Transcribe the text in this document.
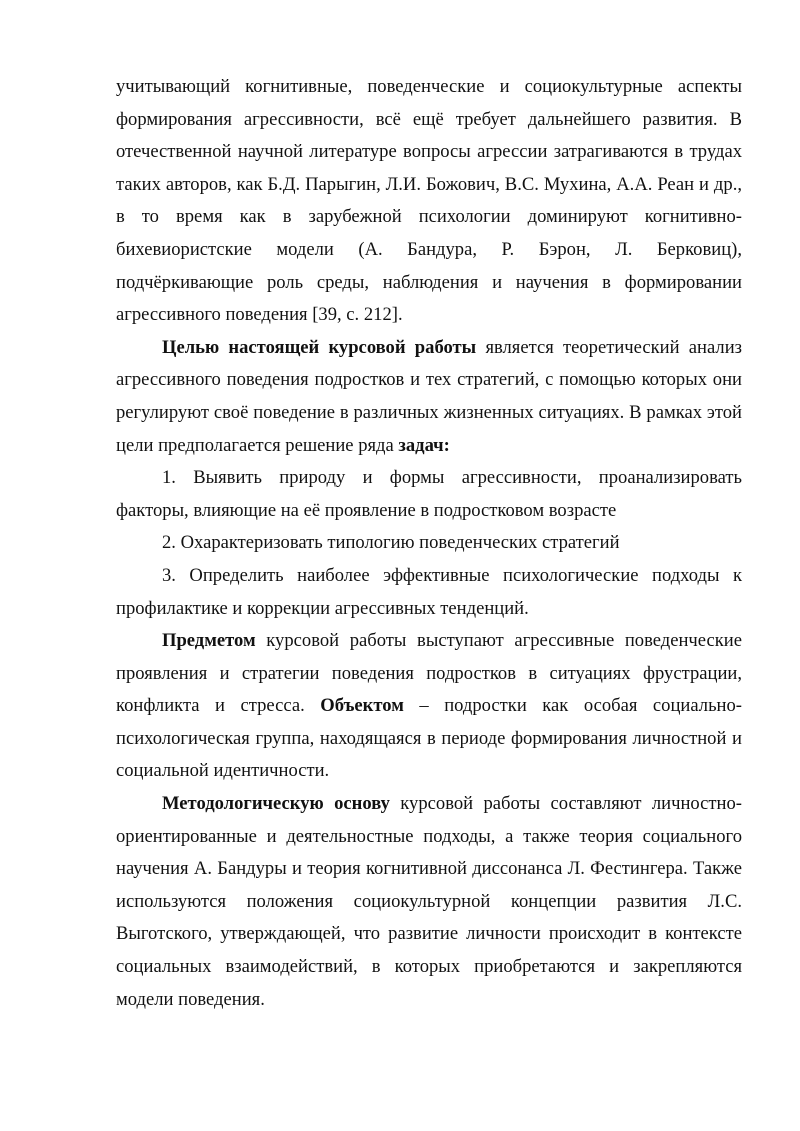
учитывающий когнитивные, поведенческие и социокультурные аспекты формирования агрессивности, всё ещё требует дальнейшего развития. В отечественной научной литературе вопросы агрессии затрагиваются в трудах таких авторов, как Б.Д. Парыгин, Л.И. Божович, В.С. Мухина, А.А. Реан и др., в то время как в зарубежной психологии доминируют когнитивно-бихевиористские модели (А. Бандура, Р. Бэрон, Л. Берковиц), подчёркивающие роль среды, наблюдения и научения в формировании агрессивного поведения [39, с. 212].

Целью настоящей курсовой работы является теоретический анализ агрессивного поведения подростков и тех стратегий, с помощью которых они регулируют своё поведение в различных жизненных ситуациях. В рамках этой цели предполагается решение ряда задач:

1. Выявить природу и формы агрессивности, проанализировать факторы, влияющие на её проявление в подростковом возрасте

2. Охарактеризовать типологию поведенческих стратегий

3. Определить наиболее эффективные психологические подходы к профилактике и коррекции агрессивных тенденций.

Предметом курсовой работы выступают агрессивные поведенческие проявления и стратегии поведения подростков в ситуациях фрустрации, конфликта и стресса. Объектом – подростки как особая социально-психологическая группа, находящаяся в периоде формирования личностной и социальной идентичности.

Методологическую основу курсовой работы составляют личностно-ориентированные и деятельностные подходы, а также теория социального научения А. Бандуры и теория когнитивной диссонанса Л. Фестингера. Также используются положения социокультурной концепции развития Л.С. Выготского, утверждающей, что развитие личности происходит в контексте социальных взаимодействий, в которых приобретаются и закрепляются модели поведения.
